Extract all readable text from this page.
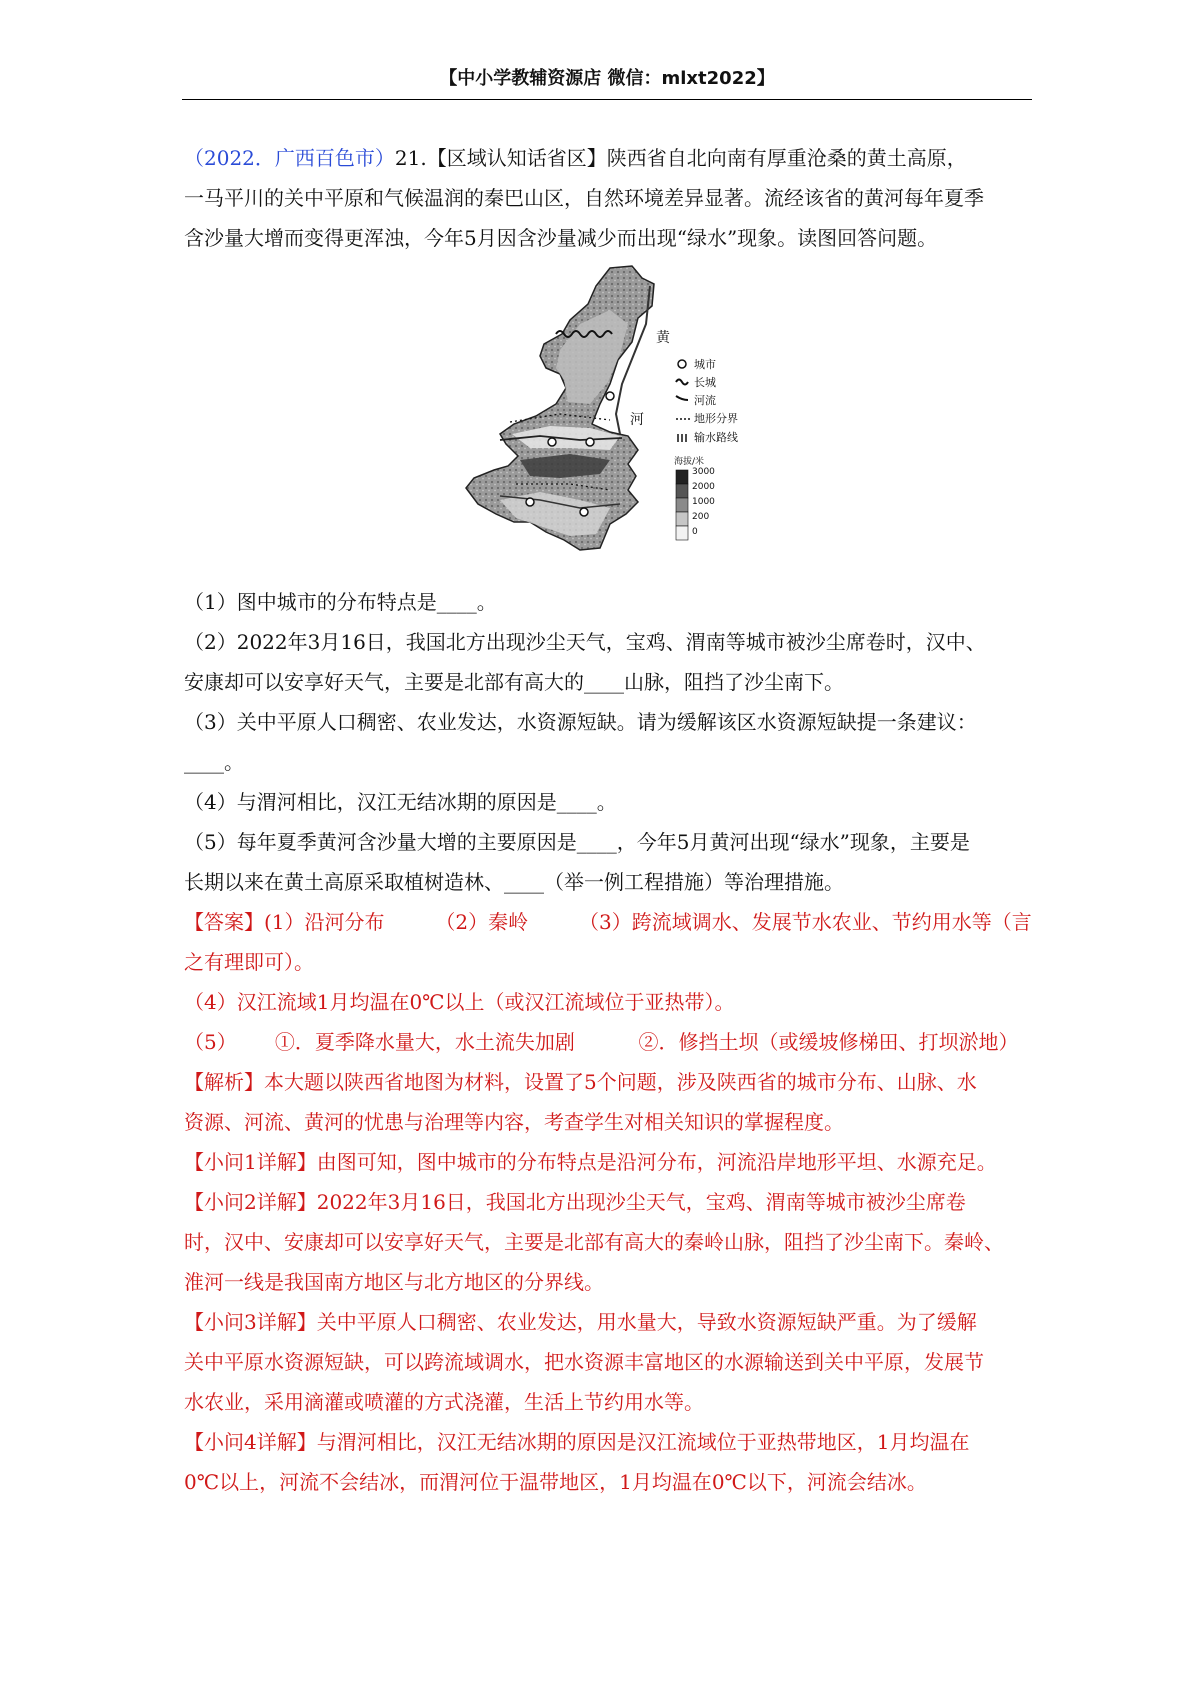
【中小学教辅资源店 微信：mlxt2022】

（2022．广西百色市）21.【区域认知话省区】陕西省自北向南有厚重沧桑的黄土高原，

一马平川的关中平原和气候温润的秦巴山区，自然环境差异显著。流经该省的黄河每年夏季

含沙量大增而变得更浑浊，今年5月因含沙量减少而出现“绿水”现象。读图回答问题。

黄
河
城市
长城
河流
地形分界
输水路线
海拔/米
3000
2000
1000
200
0

（1）图中城市的分布特点是____。

（2）2022年3月16日，我国北方出现沙尘天气，宝鸡、渭南等城市被沙尘席卷时，汉中、

安康却可以安享好天气，主要是北部有高大的____山脉，阻挡了沙尘南下。

（3）关中平原人口稠密、农业发达，水资源短缺。请为缓解该区水资源短缺提一条建议：

____。

（4）与渭河相比，汉江无结冰期的原因是____。

（5）每年夏季黄河含沙量大增的主要原因是____，今年5月黄河出现“绿水”现象，主要是

长期以来在黄土高原采取植树造林、____（举一例工程措施）等治理措施。

【答案】(1）沿河分布        （2）秦岭        （3）跨流域调水、发展节水农业、节约用水等（言

之有理即可）。

（4）汉江流域1月均温在0℃以上（或汉江流域位于亚热带）。

（5）      ①．夏季降水量大，水土流失加剧          ②．修挡土坝（或缓坡修梯田、打坝淤地）

【解析】本大题以陕西省地图为材料，设置了5个问题，涉及陕西省的城市分布、山脉、水

资源、河流、黄河的忧患与治理等内容，考查学生对相关知识的掌握程度。

【小问1详解】由图可知，图中城市的分布特点是沿河分布，河流沿岸地形平坦、水源充足。

【小问2详解】2022年3月16日，我国北方出现沙尘天气，宝鸡、渭南等城市被沙尘席卷

时，汉中、安康却可以安享好天气，主要是北部有高大的秦岭山脉，阻挡了沙尘南下。秦岭、

淮河一线是我国南方地区与北方地区的分界线。

【小问3详解】关中平原人口稠密、农业发达，用水量大，导致水资源短缺严重。为了缓解

关中平原水资源短缺，可以跨流域调水，把水资源丰富地区的水源输送到关中平原，发展节

水农业，采用滴灌或喷灌的方式浇灌，生活上节约用水等。

【小问4详解】与渭河相比，汉江无结冰期的原因是汉江流域位于亚热带地区，1月均温在

0℃以上，河流不会结冰，而渭河位于温带地区，1月均温在0℃以下，河流会结冰。
